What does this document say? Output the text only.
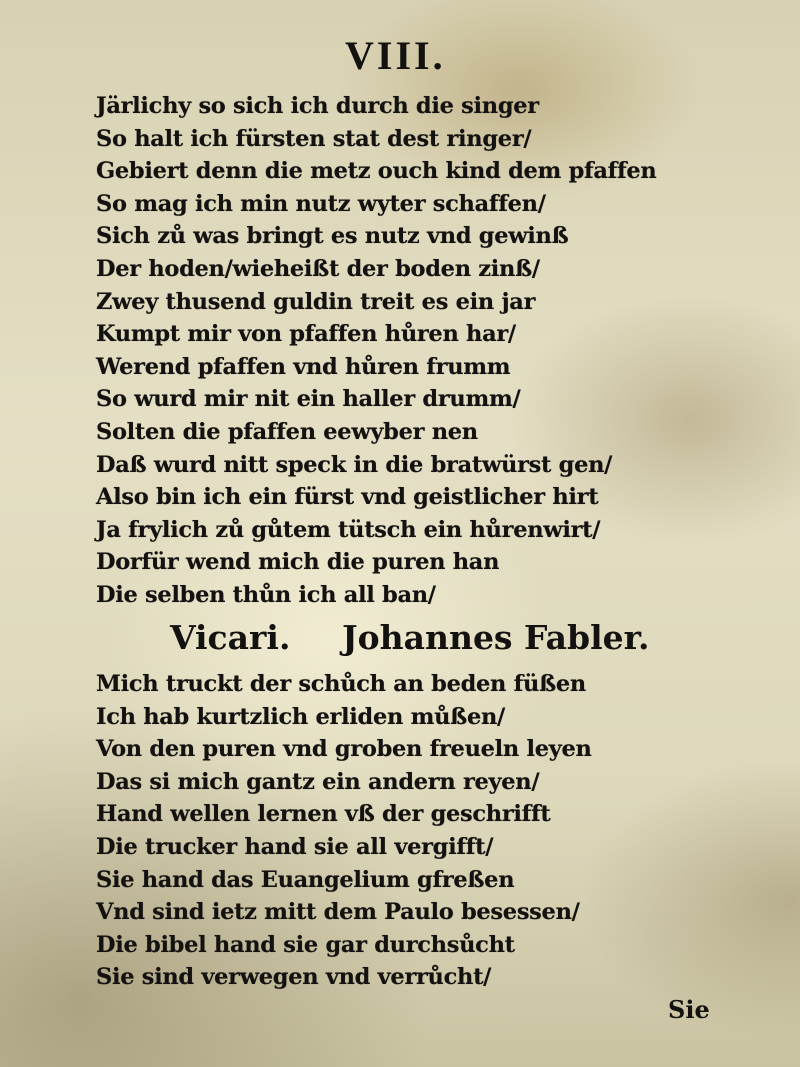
VIII.
Järlichy so sich ich durch die singer
So halt ich fürsten stat dest ringer/
Gebiert denn die metz ouch kind dem pfaffen
So mag ich min nutz wyter schaffen/
Sich zů was bringt es nutz vnd gewinß
Der hoden/wieheißt der boden zinß/
Zwey thusend guldin treit es ein jar
Kumpt mir von pfaffen hůren har/
Werend pfaffen vnd hůren frumm
So wurd mir nit ein haller drumm/
Solten die pfaffen eewyber nen
Daß wurd nitt speck in die bratwürst gen/
Also bin ich ein fürst vnd geistlicher hirt
Ja frylich zů gůtem tütsch ein hůrenwirt/
Dorfür wend mich die puren han
Die selben thůn ich all ban/
Vicari. Johannes Fabler.
Mich truckt der schůch an beden füßen
Ich hab kurtzlich erliden můßen/
Von den puren vnd groben freueln leyen
Das si mich gantz ein andern reyen/
Hand wellen lernen vß der geschrifft
Die trucker hand sie all vergifft/
Sie hand das Euangelium gfreßen
Vnd sind ietz mitt dem Paulo besessen/
Die bibel hand sie gar durchsůcht
Sie sind verwegen vnd verrůcht/
Sie
